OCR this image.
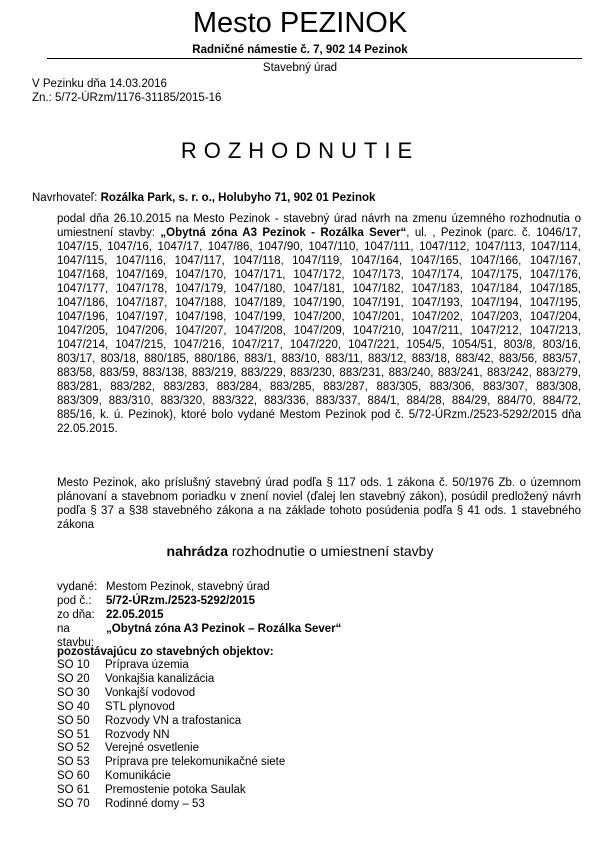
Mesto PEZINOK
Radničné námestie č. 7, 902 14 Pezinok
Stavebný úrad
V Pezinku dňa 14.03.2016
Zn.: 5/72-ÚRzm/1176-31185/2015-16
ROZHODNUTIE
Navrhovateľ: Rozálka Park, s. r. o., Holubyho 71, 902 01 Pezinok
podal dňa 26.10.2015 na Mesto Pezinok - stavebný úrad návrh na zmenu územného rozhodnutia o umiestnení stavby: „Obytná zóna A3 Pezinok - Rozálka Sever“, ul. , Pezinok (parc. č. 1046/17, 1047/15, 1047/16, 1047/17, 1047/86, 1047/90, 1047/110, 1047/111, 1047/112, 1047/113, 1047/114, 1047/115, 1047/116, 1047/117, 1047/118, 1047/119, 1047/164, 1047/165, 1047/166, 1047/167, 1047/168, 1047/169, 1047/170, 1047/171, 1047/172, 1047/173, 1047/174, 1047/175, 1047/176, 1047/177, 1047/178, 1047/179, 1047/180, 1047/181, 1047/182, 1047/183, 1047/184, 1047/185, 1047/186, 1047/187, 1047/188, 1047/189, 1047/190, 1047/191, 1047/193, 1047/194, 1047/195, 1047/196, 1047/197, 1047/198, 1047/199, 1047/200, 1047/201, 1047/202, 1047/203, 1047/204, 1047/205, 1047/206, 1047/207, 1047/208, 1047/209, 1047/210, 1047/211, 1047/212, 1047/213, 1047/214, 1047/215, 1047/216, 1047/217, 1047/220, 1047/221, 1054/5, 1054/51, 803/8, 803/16, 803/17, 803/18, 880/185, 880/186, 883/1, 883/10, 883/11, 883/12, 883/18, 883/42, 883/56, 883/57, 883/58, 883/59, 883/138, 883/219, 883/229, 883/230, 883/231, 883/240, 883/241, 883/242, 883/279, 883/281, 883/282, 883/283, 883/284, 883/285, 883/287, 883/305, 883/306, 883/307, 883/308, 883/309, 883/310, 883/320, 883/322, 883/336, 883/337, 884/1, 884/28, 884/29, 884/70, 884/72, 885/16, k. ú. Pezinok), ktoré bolo vydané Mestom Pezinok pod č. 5/72-ÚRzm./2523-5292/2015 dňa 22.05.2015.
Mesto Pezinok, ako príslušný stavebný úrad podľa § 117 ods. 1 zákona č. 50/1976 Zb. o územnom plánovaní a stavebnom poriadku v znení noviel (ďalej len stavebný zákon), posúdil predložený návrh podľa § 37 a §38 stavebného zákona a na základe tohoto posúdenia podľa § 41 ods. 1 stavebného zákona
nahrádza rozhodnutie o umiestnení stavby
vydané: Mestom Pezinok, stavebný úrad
pod č.:	5/72-ÚRzm./2523-5292/2015
zo dňa: 22.05.2015
na stavbu:
„Obytná zóna A3 Pezinok – Rozálka Sever“
pozostávajúcu zo stavebných objektov:
SO 10	Príprava územia
SO 20	Vonkajšia kanalizácia
SO 30	Vonkajší vodovod
SO 40	STL plynovod
SO 50	Rozvody VN a trafostanica
SO 51	Rozvody NN
SO 52	Verejné osvetlenie
SO 53	Príprava pre telekomunikačné siete
SO 60	Komunikácie
SO 61	Premostenie potoka Saulak
SO 70	Rodinné domy – 53
